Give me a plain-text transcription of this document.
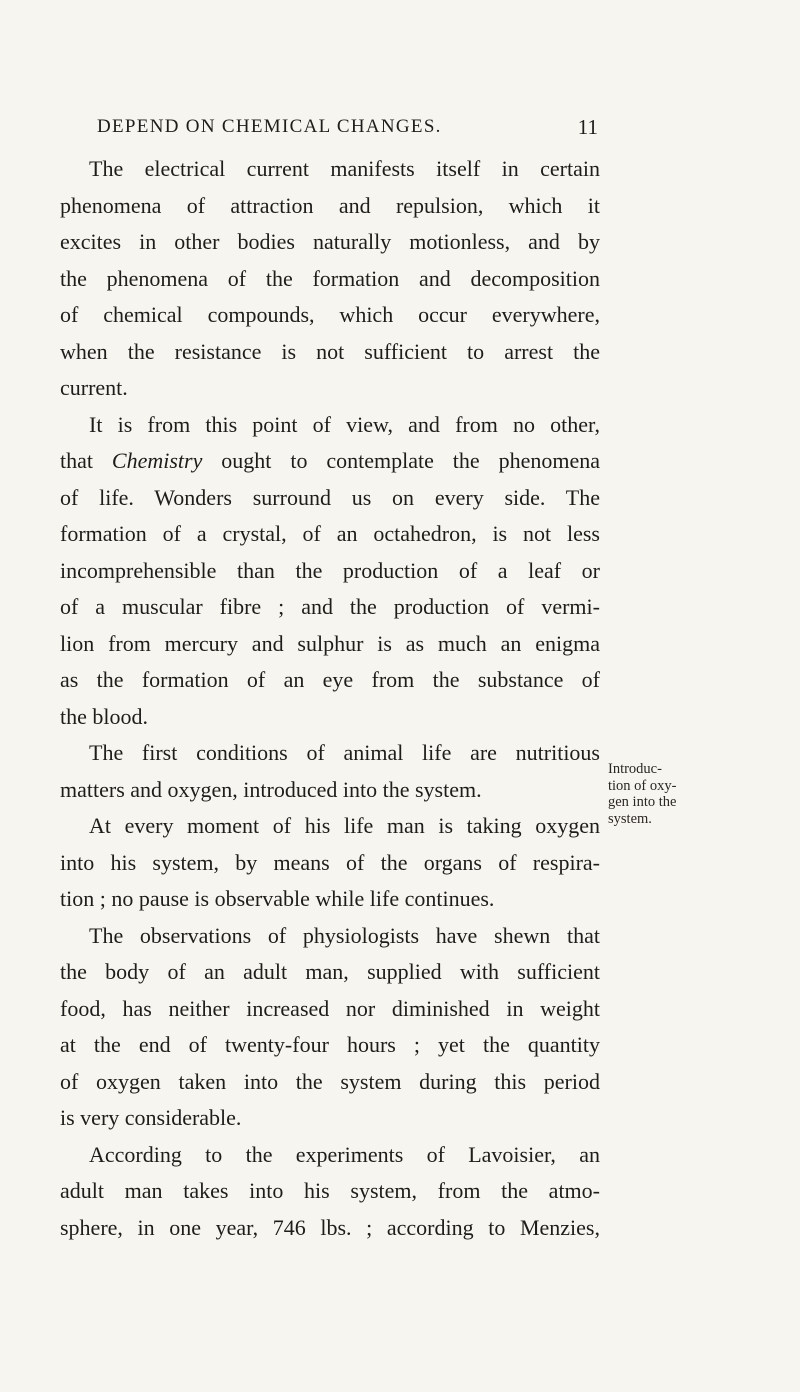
DEPEND ON CHEMICAL CHANGES.	11
The electrical current manifests itself in certain
phenomena of attraction and repulsion, which it
excites in other bodies naturally motionless, and by
the phenomena of the formation and decomposition
of chemical compounds, which occur everywhere,
when the resistance is not sufficient to arrest the
current.
It is from this point of view, and from no other,
that Chemistry ought to contemplate the phenomena
of life. Wonders surround us on every side. The
formation of a crystal, of an octahedron, is not less
incomprehensible than the production of a leaf or
of a muscular fibre ; and the production of vermi-
lion from mercury and sulphur is as much an enigma
as the formation of an eye from the substance of
the blood.
The first conditions of animal life are nutritious
matters and oxygen, introduced into the system.
At every moment of his life man is taking oxygen
into his system, by means of the organs of respira-
tion ; no pause is observable while life continues.
The observations of physiologists have shewn that
the body of an adult man, supplied with sufficient
food, has neither increased nor diminished in weight
at the end of twenty-four hours ; yet the quantity
of oxygen taken into the system during this period
is very considerable.
According to the experiments of Lavoisier, an
adult man takes into his system, from the atmo-
sphere, in one year, 746 lbs. ; according to Menzies,
Introduc-
tion of oxy-
gen into the
system.
